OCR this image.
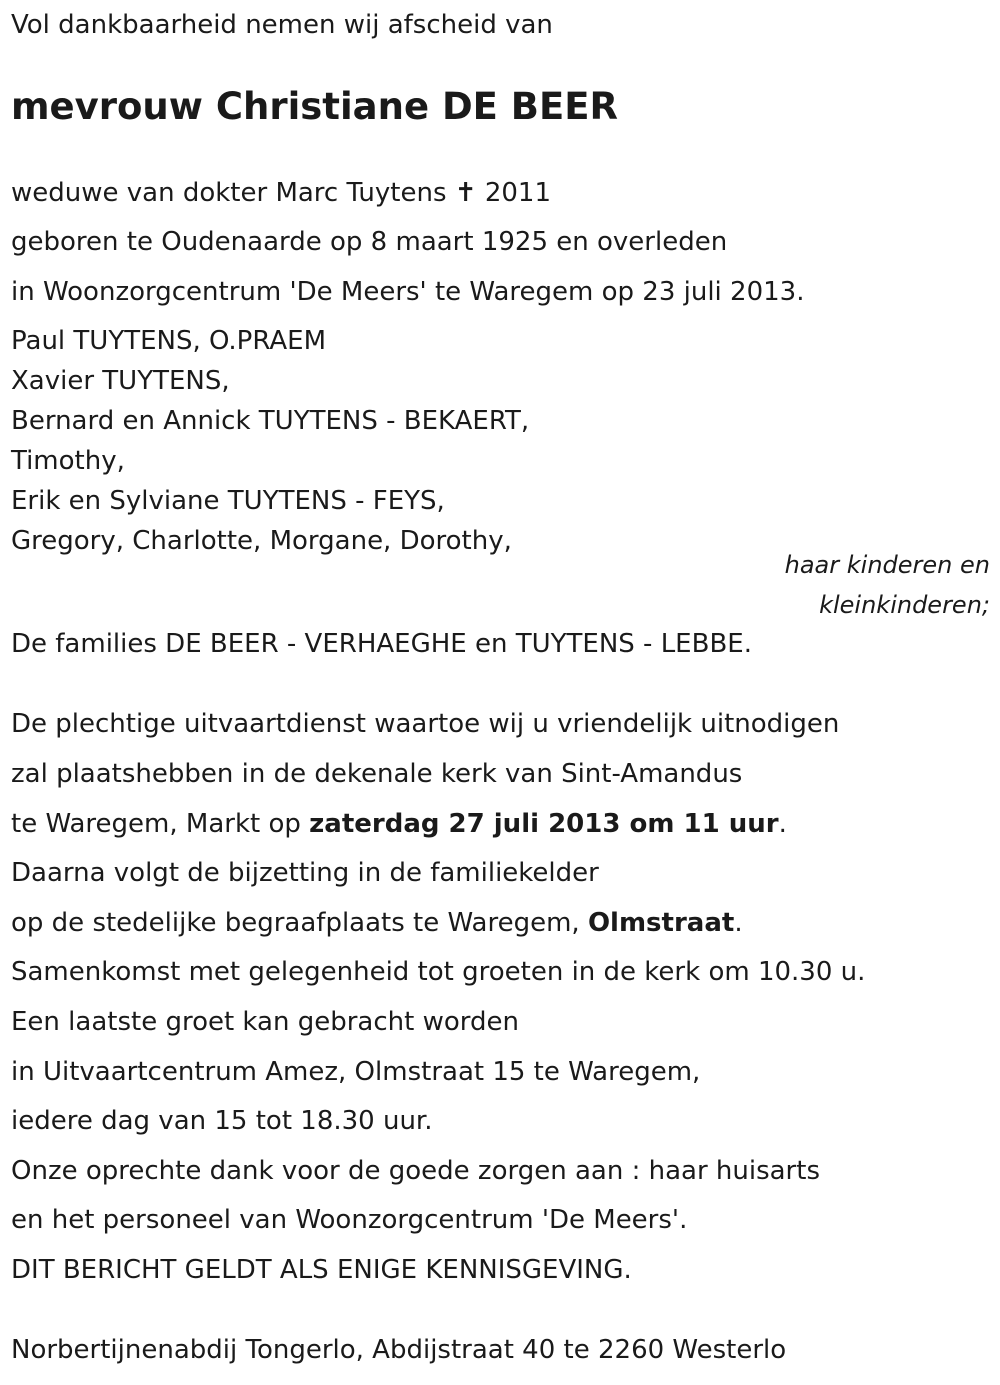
Vol dankbaarheid nemen wij afscheid van
mevrouw Christiane DE BEER
weduwe van dokter Marc Tuytens ✝ 2011
geboren te Oudenaarde op 8 maart 1925 en overleden
in Woonzorgcentrum 'De Meers' te Waregem op 23 juli 2013.
Paul TUYTENS, O.PRAEM
Xavier TUYTENS,
Bernard en Annick TUYTENS - BEKAERT,
Timothy,
Erik en Sylviane TUYTENS - FEYS,
Gregory, Charlotte, Morgane, Dorothy,
haar kinderen en
kleinkinderen;
De families DE BEER - VERHAEGHE en TUYTENS - LEBBE.
De plechtige uitvaartdienst waartoe wij u vriendelijk uitnodigen
zal plaatshebben in de dekenale kerk van Sint-Amandus
te Waregem, Markt op zaterdag 27 juli 2013 om 11 uur.
Daarna volgt de bijzetting in de familiekelder
op de stedelijke begraafplaats te Waregem, Olmstraat.
Samenkomst met gelegenheid tot groeten in de kerk om 10.30 u.
Een laatste groet kan gebracht worden
in Uitvaartcentrum Amez, Olmstraat 15 te Waregem,
iedere dag van 15 tot 18.30 uur.
Onze oprechte dank voor de goede zorgen aan : haar huisarts
en het personeel van Woonzorgcentrum 'De Meers'.
DIT BERICHT GELDT ALS ENIGE KENNISGEVING.
Norbertijnenabdij Tongerlo, Abdijstraat 40 te 2260 Westerlo
